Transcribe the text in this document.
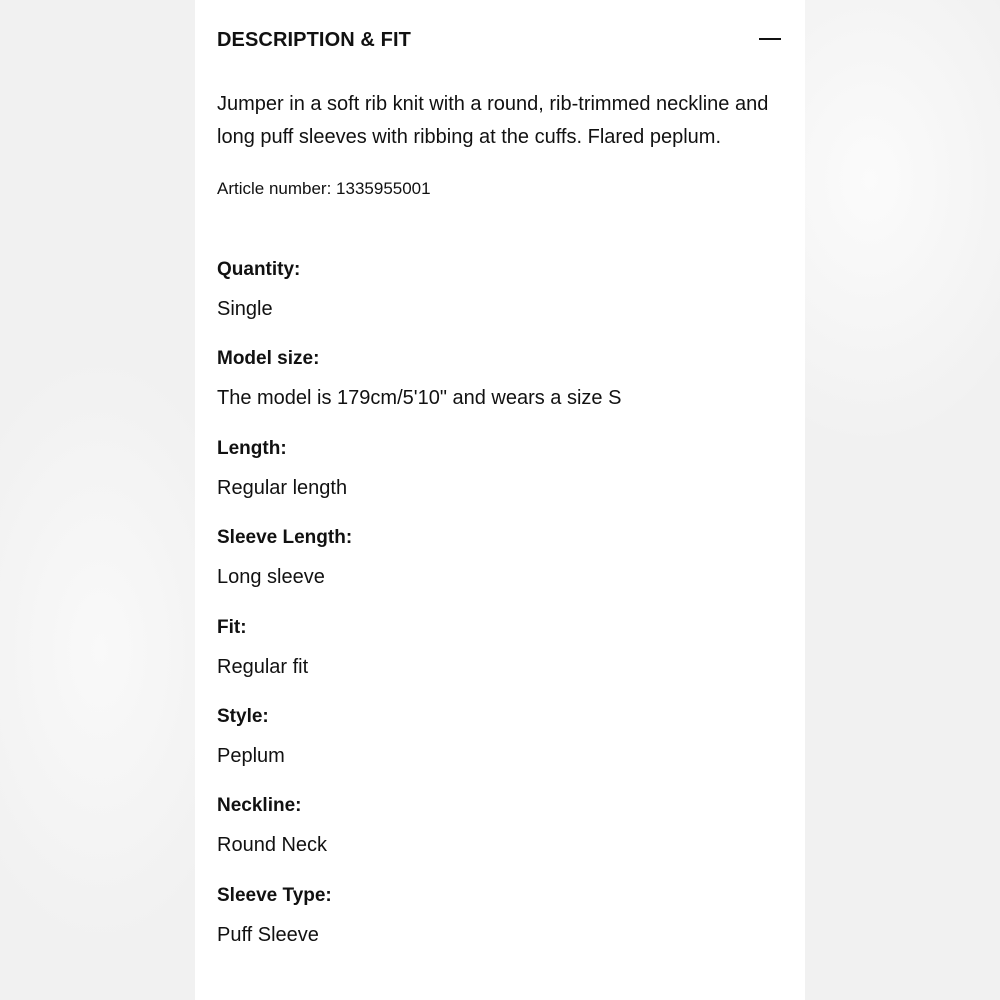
DESCRIPTION & FIT

Jumper in a soft rib knit with a round, rib-trimmed neckline and long puff sleeves with ribbing at the cuffs. Flared peplum.

Article number: 1335955001
Quantity:
Single
Model size:
The model is 179cm/5'10" and wears a size S
Length:
Regular length
Sleeve Length:
Long sleeve
Fit:
Regular fit
Style:
Peplum
Neckline:
Round Neck
Sleeve Type:
Puff Sleeve
